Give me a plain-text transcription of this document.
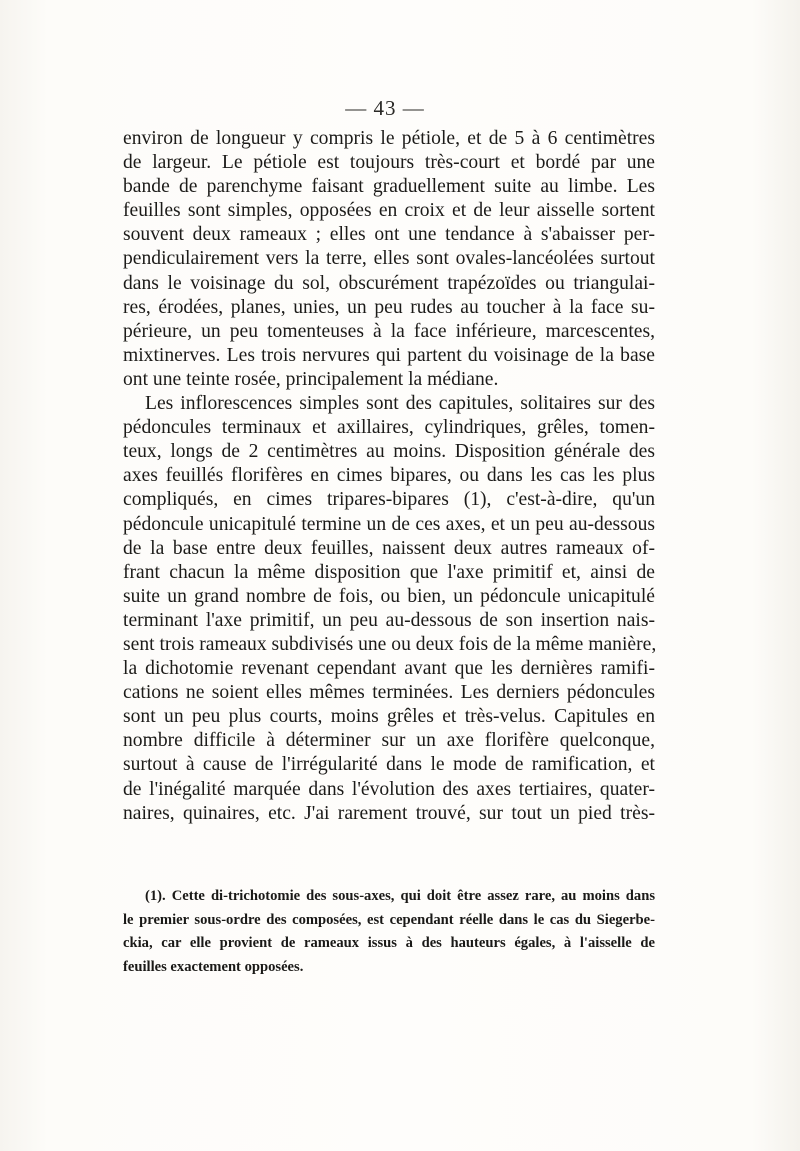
— 43 —
environ de longueur y compris le pétiole, et de 5 à 6 centimètres
de largeur. Le pétiole est toujours très-court et bordé par une
bande de parenchyme faisant graduellement suite au limbe. Les
feuilles sont simples, opposées en croix et de leur aisselle sortent
souvent deux rameaux ; elles ont une tendance à s'abaisser per-
pendiculairement vers la terre, elles sont ovales-lancéolées surtout
dans le voisinage du sol, obscurément trapézoïdes ou triangulai-
res, érodées, planes, unies, un peu rudes au toucher à la face su-
périeure, un peu tomenteuses à la face inférieure, marcescentes,
mixtinerves. Les trois nervures qui partent du voisinage de la base
ont une teinte rosée, principalement la médiane.
Les inflorescences simples sont des capitules, solitaires sur des
pédoncules terminaux et axillaires, cylindriques, grêles, tomen-
teux, longs de 2 centimètres au moins. Disposition générale des
axes feuillés florifères en cimes bipares, ou dans les cas les plus
compliqués, en cimes tripares-bipares (1), c'est-à-dire, qu'un
pédoncule unicapitulé termine un de ces axes, et un peu au-dessous
de la base entre deux feuilles, naissent deux autres rameaux of-
frant chacun la même disposition que l'axe primitif et, ainsi de
suite un grand nombre de fois, ou bien, un pédoncule unicapitulé
terminant l'axe primitif, un peu au-dessous de son insertion nais-
sent trois rameaux subdivisés une ou deux fois de la même manière,
la dichotomie revenant cependant avant que les dernières ramifi-
cations ne soient elles mêmes terminées. Les derniers pédoncules
sont un peu plus courts, moins grêles et très-velus. Capitules en
nombre difficile à déterminer sur un axe florifère quelconque,
surtout à cause de l'irrégularité dans le mode de ramification, et
de l'inégalité marquée dans l'évolution des axes tertiaires, quater-
naires, quinaires, etc. J'ai rarement trouvé, sur tout un pied très-
(1). Cette di-trichotomie des sous-axes, qui doit être assez rare, au moins dans
le premier sous-ordre des composées, est cependant réelle dans le cas du Siegerbe-
ckia, car elle provient de rameaux issus à des hauteurs égales, à l'aisselle de
feuilles exactement opposées.
